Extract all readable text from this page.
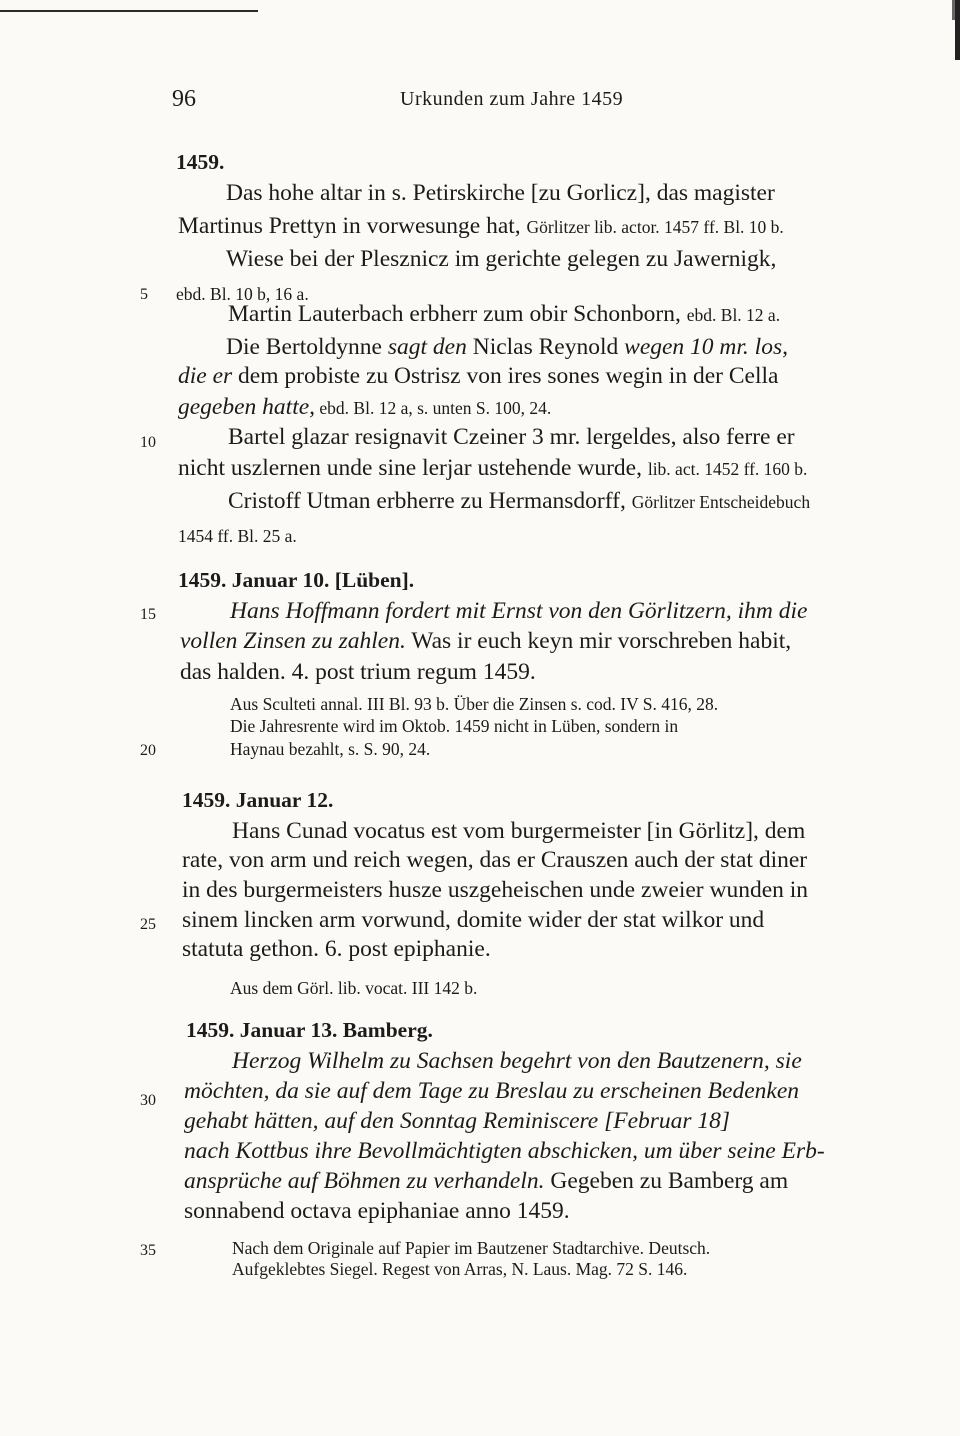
96	Urkunden zum Jahre 1459
5
10
15
20
25
30
35
1459.
Das hohe altar in s. Petirskirche [zu Gorlicz], das magister
Martinus Prettyn in vorwesunge hat, Görlitzer lib. actor. 1457 ff. Bl. 10 b.
Wiese bei der Plesznicz im gerichte gelegen zu Jawernigk,
ebd. Bl. 10 b, 16 a.
Martin Lauterbach erbherr zum obir Schonborn, ebd. Bl. 12 a.
Die Bertoldynne sagt den Niclas Reynold wegen 10 mr. los,
die er dem probiste zu Ostrisz von ires sones wegin in der Cella
gegeben hatte, ebd. Bl. 12 a, s. unten S. 100, 24.
Bartel glazar resignavit Czeiner 3 mr. lergeldes, also ferre er
nicht uszlernen unde sine lerjar ustehende wurde, lib. act. 1452 ff. 160 b.
Cristoff Utman erbherre zu Hermansdorff, Görlitzer Entscheidebuch
1454 ff. Bl. 25 a.
1459. Januar 10. [Lüben].
Hans Hoffmann fordert mit Ernst von den Görlitzern, ihm die
vollen Zinsen zu zahlen. Was ir euch keyn mir vorschreben habit,
das halden. 4. post trium regum 1459.
Aus Sculteti annal. III Bl. 93 b. Über die Zinsen s. cod. IV S. 416, 28.
Die Jahresrente wird im Oktob. 1459 nicht in Lüben, sondern in
Haynau bezahlt, s. S. 90, 24.
1459. Januar 12.
Hans Cunad vocatus est vom burgermeister [in Görlitz], dem
rate, von arm und reich wegen, das er Crauszen auch der stat diner
in des burgermeisters husze uszgeheischen unde zweier wunden in
sinem lincken arm vorwund, domite wider der stat wilkor und
statuta gethon. 6. post epiphanie.
Aus dem Görl. lib. vocat. III 142 b.
1459. Januar 13. Bamberg.
Herzog Wilhelm zu Sachsen begehrt von den Bautzenern, sie
möchten, da sie auf dem Tage zu Breslau zu erscheinen Bedenken
gehabt hätten, auf den Sonntag Reminiscere [Februar 18]
nach Kottbus ihre Bevollmächtigten abschicken, um über seine Erb-
ansprüche auf Böhmen zu verhandeln. Gegeben zu Bamberg am
sonnabend octava epiphaniae anno 1459.
Nach dem Originale auf Papier im Bautzener Stadtarchive. Deutsch.
Aufgeklebtes Siegel. Regest von Arras, N. Laus. Mag. 72 S. 146.
